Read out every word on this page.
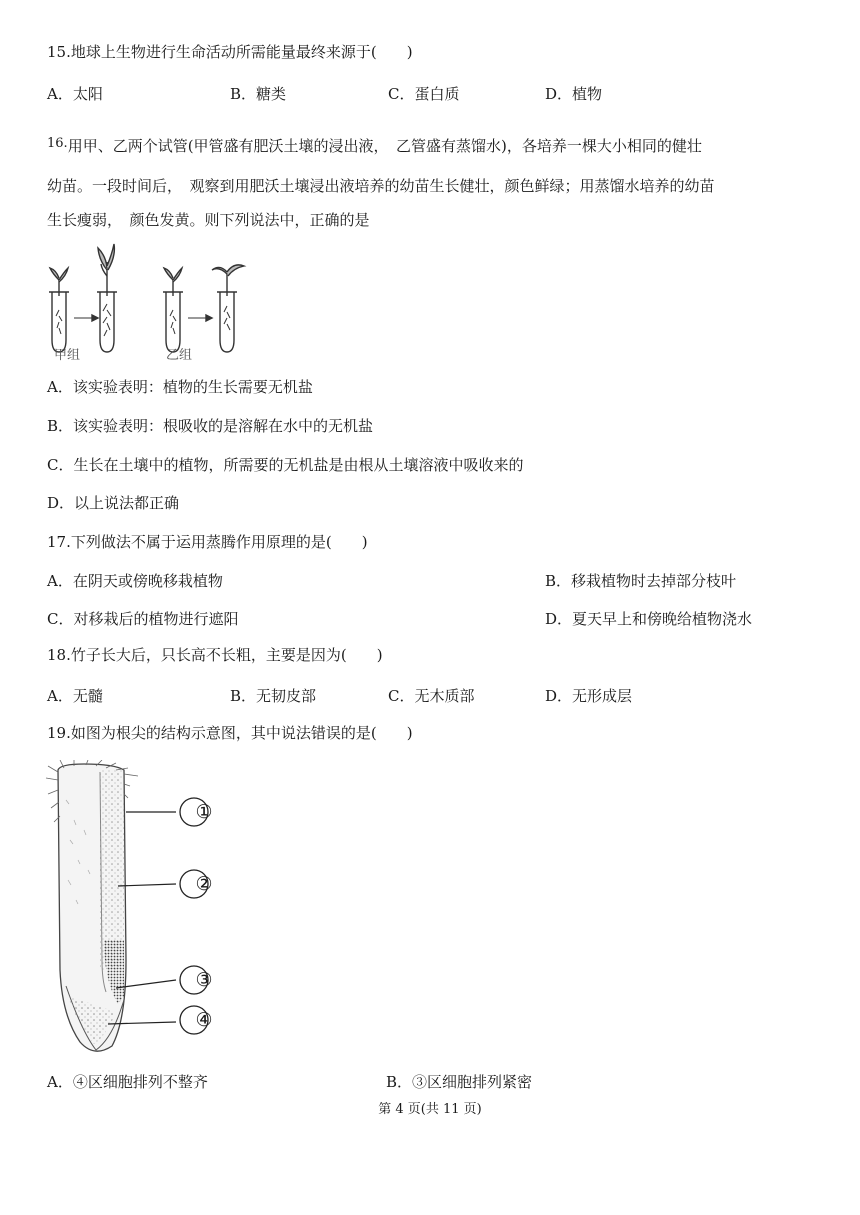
15.地球上生物进行生命活动所需能量最终来源于(　　)
A．太阳	B．糖类	C．蛋白质	D．植物
16.用甲、乙两个试管(甲管盛有肥沃土壤的浸出液，　乙管盛有蒸馏水)，各培养一棵大小相同的健壮
幼苗。一段时间后，　观察到用肥沃土壤浸出液培养的幼苗生长健壮，颜色鲜绿；用蒸馏水培养的幼苗
生长瘦弱，　颜色发黄。则下列说法中，正确的是
甲组	乙组
A．该实验表明：植物的生长需要无机盐
B．该实验表明：根吸收的是溶解在水中的无机盐
C．生长在土壤中的植物，所需要的无机盐是由根从土壤溶液中吸收来的
D．以上说法都正确
17.下列做法不属于运用蒸腾作用原理的是(　　)
A．在阴天或傍晚移栽植物	B．移栽植物时去掉部分枝叶
C．对移栽后的植物进行遮阳	D．夏天早上和傍晚给植物浇水
18.竹子长大后，只长高不长粗，主要是因为(　　)
A．无髓	B．无韧皮部	C．无木质部	D．无形成层
19.如图为根尖的结构示意图，其中说法错误的是(　　)
①
②
③
④
A．④区细胞排列不整齐	B．③区细胞排列紧密
第 4 页(共 11 页)
